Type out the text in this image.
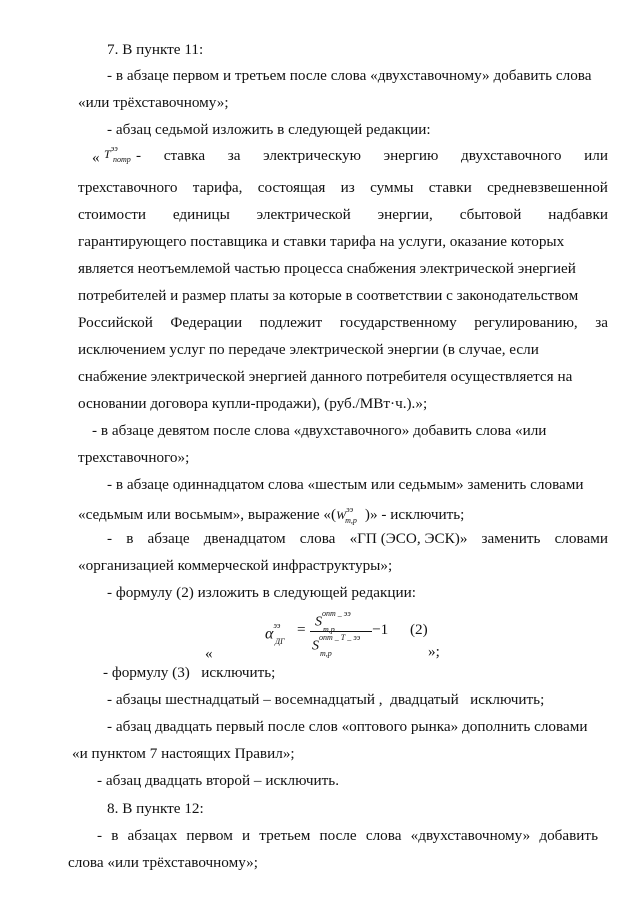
7. В пункте 11:
- в абзаце первом и третьем после слова «двухставочному» добавить слова
«или трёхставочному»;
- абзац седьмой изложить в следующей редакции:
« $T^{ээ}$
потр - ставка за электрическую энергию двухставочного или
трехставочного тарифа, состоящая из суммы ставки средневзвешенной
стоимости единицы электрической энергии, сбытовой надбавки
гарантирующего поставщика и ставки тарифа на услуги, оказание которых
является неотъемлемой частью процесса снабжения электрической энергией
потребителей и размер платы за которые в соответствии с законодательством
Российской Федерации подлежит государственному регулированию, за
исключением услуг по передаче электрической энергии (в случае, если
снабжение электрической энергией данного потребителя осуществляется на
основании договора купли-продажи), (руб./МВт·ч.).»;
- в абзаце девятом после слова «двухставочного» добавить слова «или
трехставочного»;
- в абзаце одиннадцатом слова «шестым или седьмым» заменить словами
«седьмым или восьмым», выражение «($W^{ээ}_{m,p}$ )» - исключить;
- в абзаце двенадцатом слова «ГП (ЭСО, ЭСК)» заменить словами
«организацией коммерческой инфраструктуры»;
- формулу (2) изложить в следующей редакции:
«
$\alpha^{ээ}$
ДГ
= $S^{опт \_ ээ}$
m,p
$S^{опт \_ Т \_ ээ}$
m,p
−1 (2)
»;
- формулу (3)   исключить;
- абзацы шестнадцатый – восемнадцатый ,  двадцатый   исключить;
- абзац двадцать первый после слов «оптового рынка» дополнить словами
«и пунктом 7 настоящих Правил»;
- абзац двадцать второй – исключить.
8. В пункте 12:
- в абзацах первом и третьем после слова «двухставочному» добавить
слова «или трёхставочному»;
